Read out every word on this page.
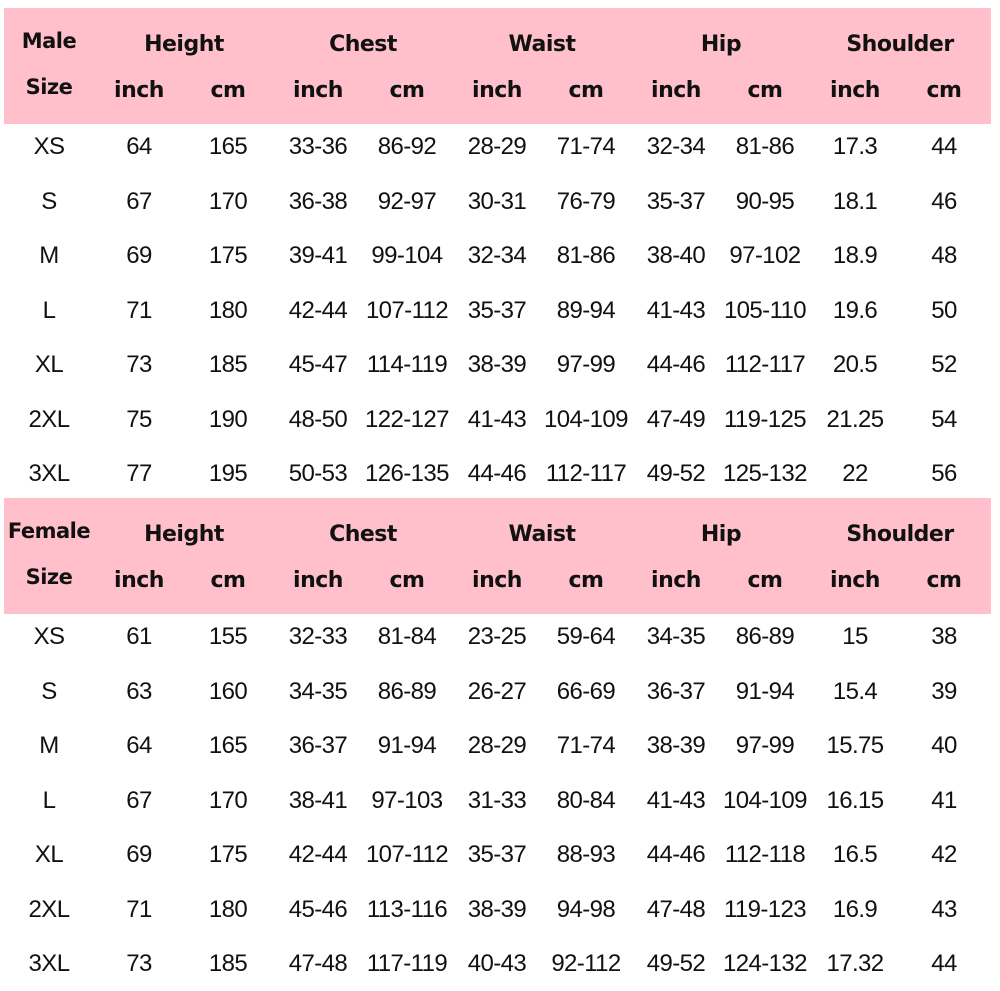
Male
Size
Height	Chest	Waist	Hip	Shoulder
inch	cm	inch	cm	inch	cm	inch	cm	inch	cm
XS	64	165	33-36	86-92	28-29	71-74	32-34	81-86	17.3	44
S	67	170	36-38	92-97	30-31	76-79	35-37	90-95	18.1	46
M	69	175	39-41	99-104	32-34	81-86	38-40	97-102	18.9	48
L	71	180	42-44 107-112 35-37	89-94	41-43 105-110	19.6	50
XL	73	185	45-47 114-119 38-39	97-99	44-46 112-117	20.5	52
2XL	75	190	48-50 122-127 41-43 104-109 47-49 119-125 21.25	54
3XL	77	195	50-53 126-135 44-46 112-117 49-52 125-132	22	56
Female
Size
Height	Chest	Waist	Hip	Shoulder
inch	cm	inch	cm	inch	cm	inch	cm	inch	cm
XS	61	155	32-33	81-84	23-25	59-64	34-35	86-89	15	38
S	63	160	34-35	86-89	26-27	66-69	36-37	91-94	15.4	39
M	64	165	36-37	91-94	28-29	71-74	38-39	97-99	15.75	40
L	67	170	38-41	97-103	31-33	80-84	41-43 104-109 16.15	41
XL	69	175	42-44 107-112 35-37	88-93	44-46 112-118	16.5	42
2XL	71	180	45-46 113-116 38-39	94-98	47-48 119-123	16.9	43
3XL	73	185	47-48 117-119 40-43	92-112	49-52 124-132 17.32	44
